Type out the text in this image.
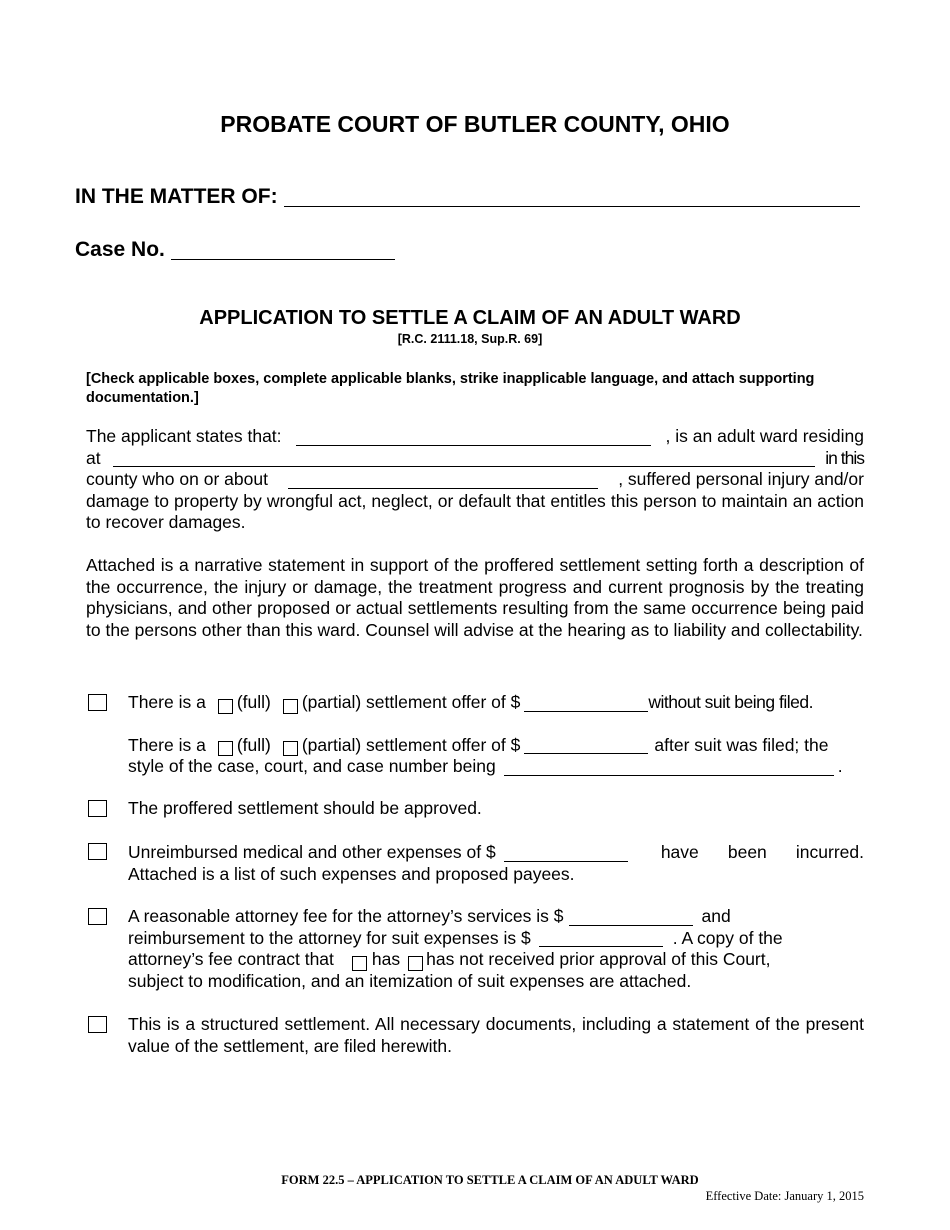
PROBATE COURT OF BUTLER COUNTY, OHIO
IN THE MATTER OF:
Case No.
APPLICATION TO SETTLE A CLAIM OF AN ADULT WARD
[R.C. 2111.18, Sup.R. 69]
[Check applicable boxes, complete applicable blanks, strike inapplicable language, and attach supporting documentation.]
The applicant states that:	, is an adult ward residing
at	in this
county who on or about	, suffered personal injury and/or
damage to property by wrongful act, neglect, or default that entitles this person to maintain an action to recover damages.
Attached is a narrative statement in support of the proffered settlement setting forth a description of the occurrence, the injury or damage, the treatment progress and current prognosis by the treating physicians, and other proposed or actual settlements resulting from the same occurrence being paid to the persons other than this ward. Counsel will advise at the hearing as to liability and collectability.
There is a (full) (partial) settlement offer of $	without suit being filed.
There is a (full) (partial) settlement offer of $	after suit was filed; the
style of the case, court, and case number being	.
The proffered settlement should be approved.
Unreimbursed medical and other expenses of $	have been incurred.
Attached is a list of such expenses and proposed payees.
A reasonable attorney fee for the attorney’s services is $	and
reimbursement to the attorney for suit expenses is $	. A copy of the
attorney’s fee contract that has has not received prior approval of this Court,
subject to modification, and an itemization of suit expenses are attached.
This is a structured settlement. All necessary documents, including a statement of the present value of the settlement, are filed herewith.
FORM 22.5 – APPLICATION TO SETTLE A CLAIM OF AN ADULT WARD
Effective Date: January 1, 2015
